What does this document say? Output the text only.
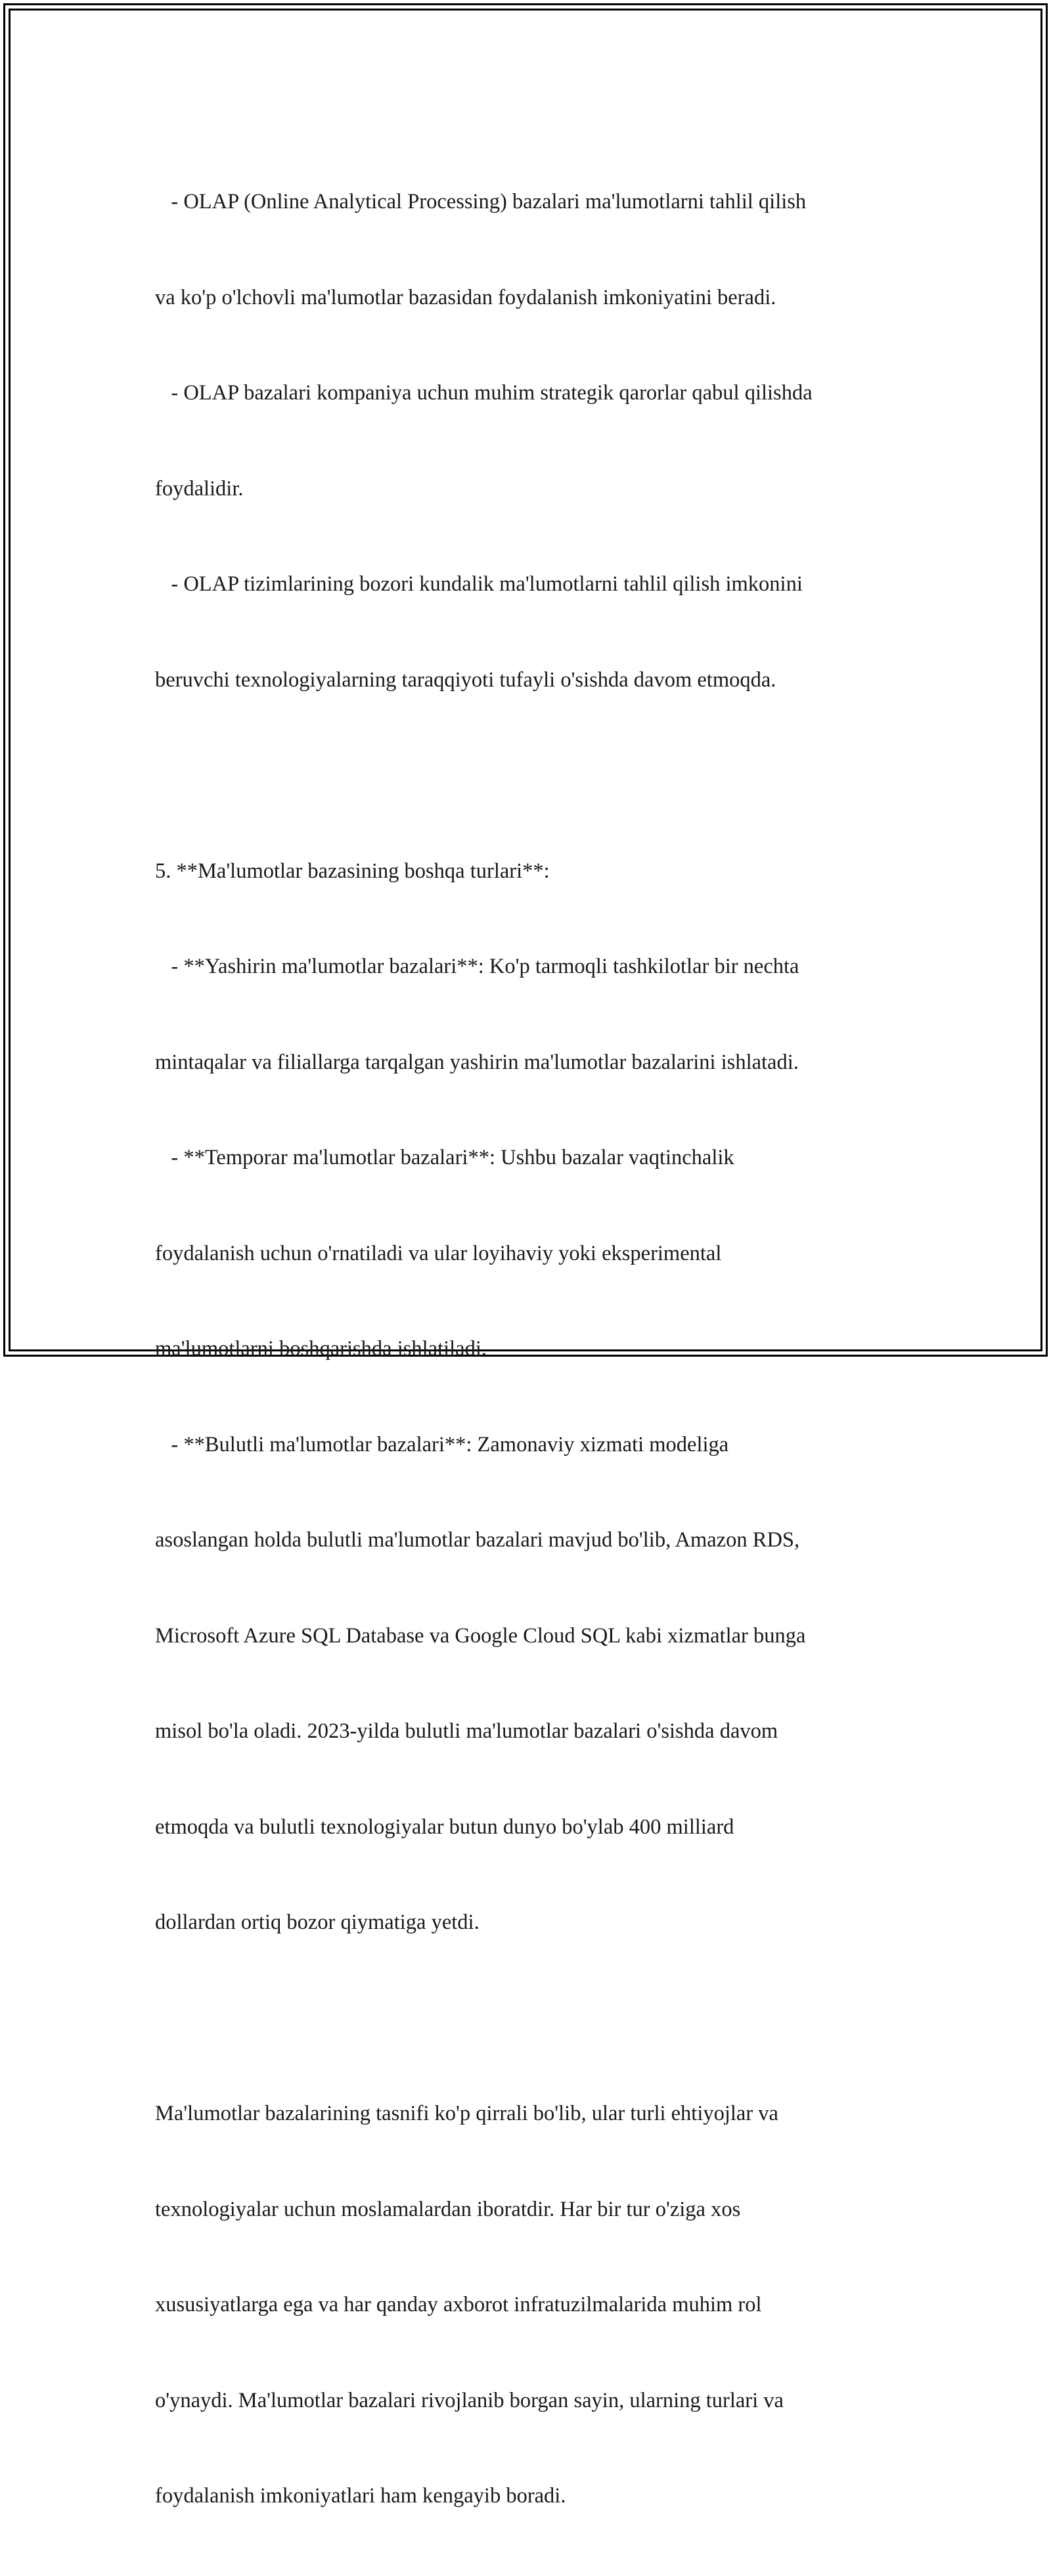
- OLAP (Online Analytical Processing) bazalari ma'lumotlarni tahlil qilish

va ko'p o'lchovli ma'lumotlar bazasidan foydalanish imkoniyatini beradi.

- OLAP bazalari kompaniya uchun muhim strategik qarorlar qabul qilishda

foydalidir.

- OLAP tizimlarining bozori kundalik ma'lumotlarni tahlil qilish imkonini

beruvchi texnologiyalarning taraqqiyoti tufayli o'sishda davom etmoqda.

5. **Ma'lumotlar bazasining boshqa turlari**:

- **Yashirin ma'lumotlar bazalari**: Ko'p tarmoqli tashkilotlar bir nechta

mintaqalar va filiallarga tarqalgan yashirin ma'lumotlar bazalarini ishlatadi.

- **Temporar ma'lumotlar bazalari**: Ushbu bazalar vaqtinchalik

foydalanish uchun o'rnatiladi va ular loyihaviy yoki eksperimental

ma'lumotlarni boshqarishda ishlatiladi.

- **Bulutli ma'lumotlar bazalari**: Zamonaviy xizmati modeliga

asoslangan holda bulutli ma'lumotlar bazalari mavjud bo'lib, Amazon RDS,

Microsoft Azure SQL Database va Google Cloud SQL kabi xizmatlar bunga

misol bo'la oladi. 2023-yilda bulutli ma'lumotlar bazalari o'sishda davom

etmoqda va bulutli texnologiyalar butun dunyo bo'ylab 400 milliard

dollardan ortiq bozor qiymatiga yetdi.

Ma'lumotlar bazalarining tasnifi ko'p qirrali bo'lib, ular turli ehtiyojlar va

texnologiyalar uchun moslamalardan iboratdir. Har bir tur o'ziga xos

xususiyatlarga ega va har qanday axborot infratuzilmalarida muhim rol

o'ynaydi. Ma'lumotlar bazalari rivojlanib borgan sayin, ularning turlari va

foydalanish imkoniyatlari ham kengayib boradi.
